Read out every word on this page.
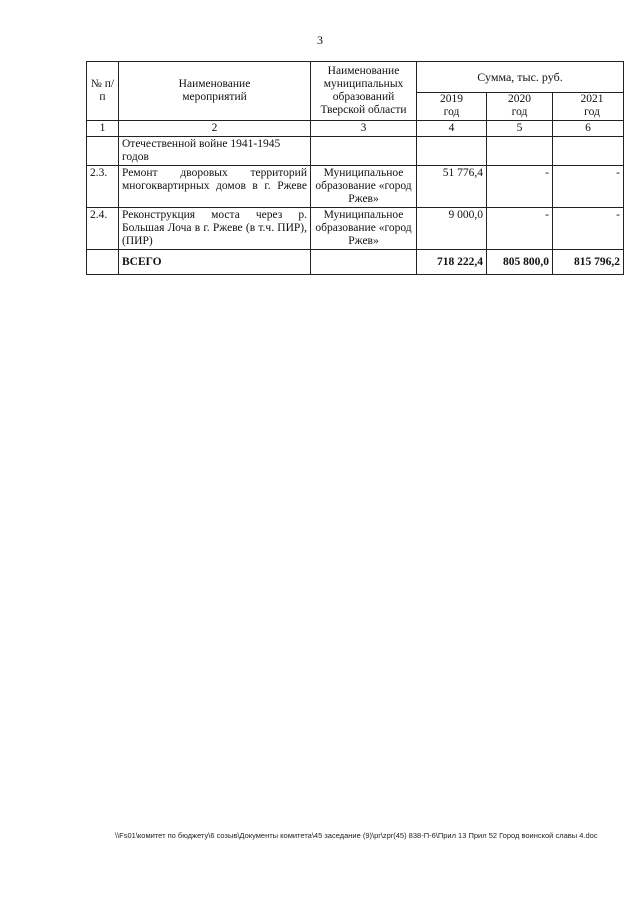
3
№ п/п	Наименование мероприятий	Наименование муниципальных образований Тверской области	Сумма, тыс. руб.		
			2019 год	2020 год	2021 год
1	2	3	4	5	6
	Отечественной войне 1941-1945 годов				
2.3.	Ремонт дворовых территорий многоквартирных домов в г. Ржеве	Муниципальное образование «город Ржев»	51 776,4	-	-
2.4.	Реконструкция моста через р. Большая Лоча в г. Ржеве (в т.ч. ПИР), (ПИР)	Муниципальное образование «город Ржев»	9 000,0	-	-
	ВСЕГО		718 222,4	805 800,0	815 796,2
\\Fs01\комитет по бюджету\6 созыв\Документы комитета\45 заседание (9)\pr\zpr(45) 838-П-6\Прил 13 Прил 52 Город воинской славы 4.doc
